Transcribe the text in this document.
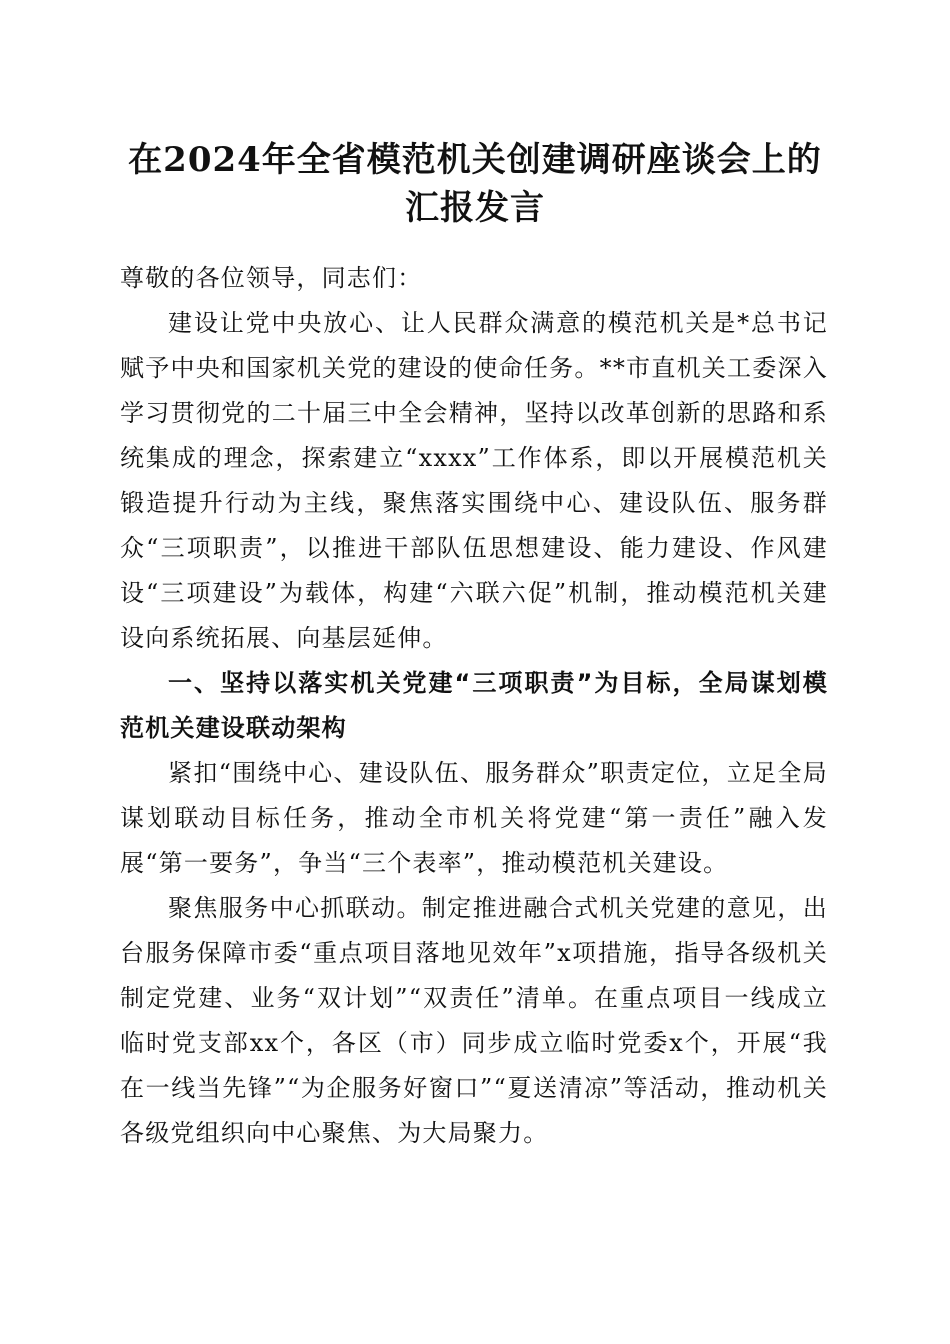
在2024年全省模范机关创建调研座谈会上的
汇报发言

尊敬的各位领导，同志们：

建设让党中央放心、让人民群众满意的模范机关是*总书记赋予中央和国家机关党的建设的使命任务。**市直机关工委深入学习贯彻党的二十届三中全会精神，坚持以改革创新的思路和系统集成的理念，探索建立“xxxx”工作体系，即以开展模范机关锻造提升行动为主线，聚焦落实围绕中心、建设队伍、服务群众“三项职责”，以推进干部队伍思想建设、能力建设、作风建设“三项建设”为载体，构建“六联六促”机制，推动模范机关建设向系统拓展、向基层延伸。

一、坚持以落实机关党建“三项职责”为目标，全局谋划模范机关建设联动架构

紧扣“围绕中心、建设队伍、服务群众”职责定位，立足全局谋划联动目标任务，推动全市机关将党建“第一责任”融入发展“第一要务”，争当“三个表率”，推动模范机关建设。

聚焦服务中心抓联动。制定推进融合式机关党建的意见，出台服务保障市委“重点项目落地见效年”x项措施，指导各级机关制定党建、业务“双计划”“双责任”清单。在重点项目一线成立临时党支部xx个，各区（市）同步成立临时党委x个，开展“我在一线当先锋”“为企服务好窗口”“夏送清凉”等活动，推动机关各级党组织向中心聚焦、为大局聚力。
